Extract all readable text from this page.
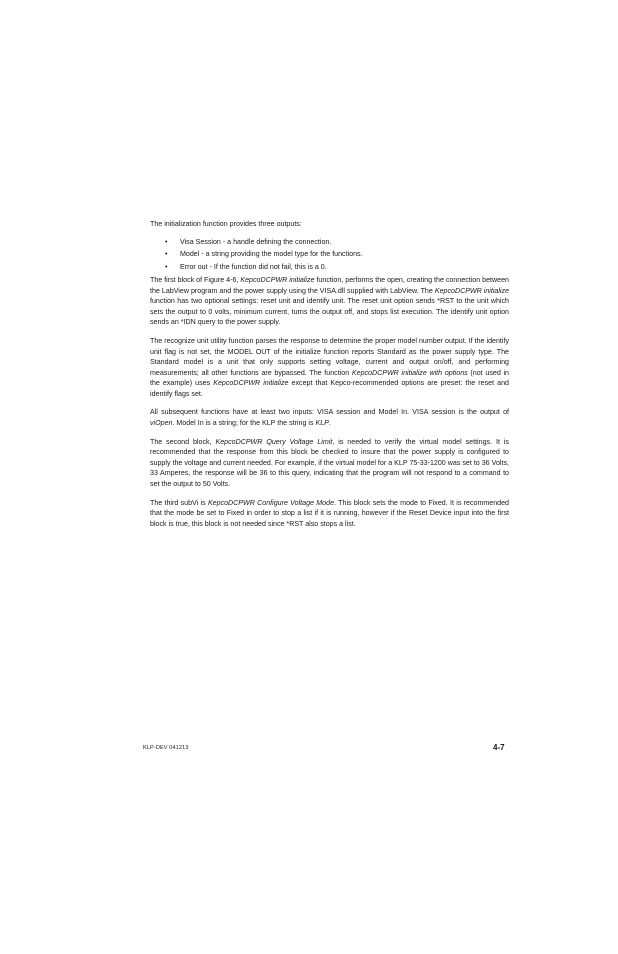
The initialization function provides three outputs:

• Visa Session - a handle defining the connection.
• Model - a string providing the model type for the functions.
• Error out - If the function did not fail, this is a 0.

The first block of Figure 4-6, KepcoDCPWR initialize function, performs the open, creating the connection between the LabView program and the power supply using the VISA.dll supplied with LabView. The KepcoDCPWR initialize function has two optional settings: reset unit and identify unit. The reset unit option sends *RST to the unit which sets the output to 0 volts, minimum current, turns the output off, and stops list execution. The identify unit option sends an *IDN query to the power supply.

The recognize unit utility function parses the response to determine the proper model number output. If the identify unit flag is not set, the MODEL OUT of the initialize function reports Standard as the power supply type. The Standard model is a unit that only supports setting voltage, current and output on/off, and performing measurements; all other functions are bypassed. The function KepcoDCPWR initialize with options (not used in the example) uses KepcoDCPWR initialize except that Kepco-recommended options are preset: the reset and identify flags set.

All subsequent functions have at least two inputs: VISA session and Model In. VISA session is the output of viOpen. Model In is a string; for the KLP the string is KLP.

The second block, KepcoDCPWR Query Voltage Limit, is needed to verify the virtual model settings. It is recommended that the response from this block be checked to insure that the power supply is configured to supply the voltage and current needed. For example, if the virtual model for a KLP 75-33-1200 was set to 36 Volts, 33 Amperes, the response will be 36 to this query, indicating that the program will not respond to a command to set the output to 50 Volts.

The third subVi is KepcoDCPWR Configure Voltage Mode. This block sets the mode to Fixed. It is recommended that the mode be set to Fixed in order to stop a list if it is running, however if the Reset Device input into the first block is true, this block is not needed since *RST also stops a list.

KLP-DEV 041213	4-7
